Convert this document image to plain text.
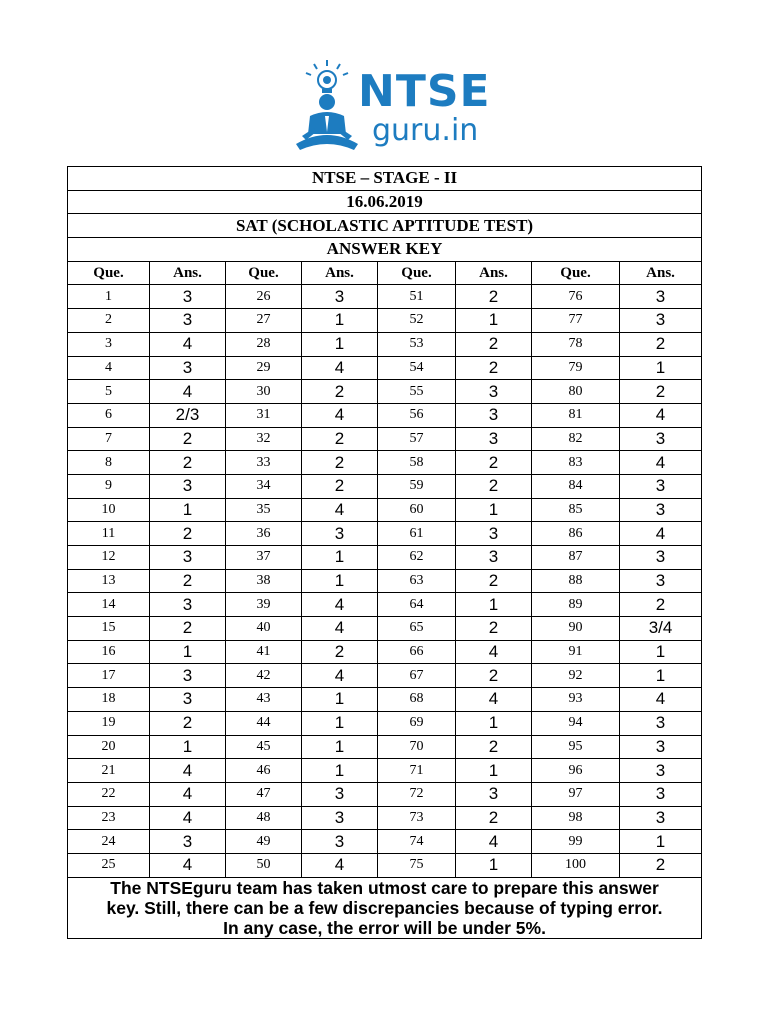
NTSE
guru.in
NTSE – STAGE - II							
16.06.2019							
SAT (SCHOLASTIC APTITUDE TEST)							
ANSWER KEY							
Que.	Ans.	Que.	Ans.	Que.	Ans.	Que.	Ans.
1	3	26	3	51	2	76	3
2	3	27	1	52	1	77	3
3	4	28	1	53	2	78	2
4	3	29	4	54	2	79	1
5	4	30	2	55	3	80	2
6	2/3	31	4	56	3	81	4
7	2	32	2	57	3	82	3
8	2	33	2	58	2	83	4
9	3	34	2	59	2	84	3
10	1	35	4	60	1	85	3
11	2	36	3	61	3	86	4
12	3	37	1	62	3	87	3
13	2	38	1	63	2	88	3
14	3	39	4	64	1	89	2
15	2	40	4	65	2	90	3/4
16	1	41	2	66	4	91	1
17	3	42	4	67	2	92	1
18	3	43	1	68	4	93	4
19	2	44	1	69	1	94	3
20	1	45	1	70	2	95	3
21	4	46	1	71	1	96	3
22	4	47	3	72	3	97	3
23	4	48	3	73	2	98	3
24	3	49	3	74	4	99	1
25	4	50	4	75	1	100	2

The NTSEguru team has taken utmost care to prepare this answer
key. Still, there can be a few discrepancies because of typing error.
In any case, the error will be under 5%.							
